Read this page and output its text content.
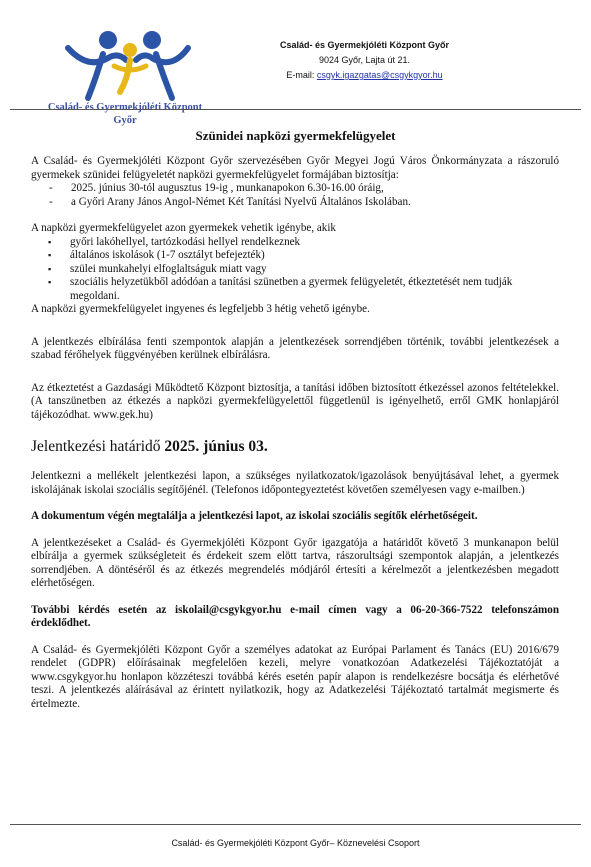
Család- és Gyermekjóléti Központ
Győr
Család- és Gyermekjóléti Központ Győr
9024 Győr, Lajta út 21.
E-mail: csgyk.igazgatas@csgykgyor.hu
Szünidei napközi gyermekfelügyelet

A Család- és Gyermekjóléti Központ Győr szervezésében Győr Megyei Jogú Város Önkormányzata a rászoruló gyermekek szünidei felügyeletét napközi gyermekfelügyelet formájában biztosítja:

- 2025. június 30-tól augusztus 19-ig , munkanapokon 6.30-16.00 óráig,
- a Győri Arany János Angol-Német Két Tanítási Nyelvű Általános Iskolában.

A napközi gyermekfelügyelet azon gyermekek vehetik igénybe, akik

▪ győri lakóhellyel, tartózkodási hellyel rendelkeznek
▪ általános iskolások (1-7 osztályt befejezték)
▪ szülei munkahelyi elfoglaltságuk miatt vagy
▪ szociális helyzetükből adódóan a tanítási szünetben a gyermek felügyeletét, étkeztetését nem tudják megoldani.

A napközi gyermekfelügyelet ingyenes és legfeljebb 3 hétig vehető igénybe.

A jelentkezés elbírálása fenti szempontok alapján a jelentkezések sorrendjében történik, további jelentkezések a szabad férőhelyek függvényében kerülnek elbírálásra.

Az étkeztetést a Gazdasági Működtető Központ biztosítja, a tanítási időben biztosított étkezéssel azonos feltételekkel. (A tanszünetben az étkezés a napközi gyermekfelügyelettől függetlenül is igényelhető, erről GMK honlapjáról tájékozódhat. www.gek.hu)

Jelentkezési határidő 2025. június 03.

Jelentkezni a mellékelt jelentkezési lapon, a szükséges nyilatkozatok/igazolások benyújtásával lehet, a gyermek iskolájának iskolai szociális segítőjénél. (Telefonos időpontegyeztetést követően személyesen vagy e-mailben.)

A dokumentum végén megtalálja a jelentkezési lapot, az iskolai szociális segítők elérhetőségeit.

A jelentkezéseket a Család- és Gyermekjóléti Központ Győr igazgatója a határidőt követő 3 munkanapon belül elbírálja a gyermek szükségleteit és érdekeit szem elött tartva, rászorultsági szempontok alapján, a jelentkezés sorrendjében. A döntéséről és az étkezés megrendelés módjáról értesíti a kérelmezőt a jelentkezésben megadott elérhetőségen.

További kérdés esetén az iskolail@csgykgyor.hu e-mail címen vagy a 06-20-366-7522 telefonszámon érdeklődhet.

A Család- és Gyermekjóléti Központ Győr a személyes adatokat az Európai Parlament és Tanács (EU) 2016/679 rendelet (GDPR) előírásainak megfelelően kezeli, melyre vonatkozóan Adatkezelési Tájékoztatóját a www.csgykgyor.hu honlapon közzéteszi továbbá kérés esetén papír alapon is rendelkezésre bocsátja és elérhetővé teszi. A jelentkezés aláírásával az érintett nyilatkozik, hogy az Adatkezelési Tájékoztató tartalmát megismerte és értelmezte.

Család- és Gyermekjóléti Központ Győr– Köznevelési Csoport
